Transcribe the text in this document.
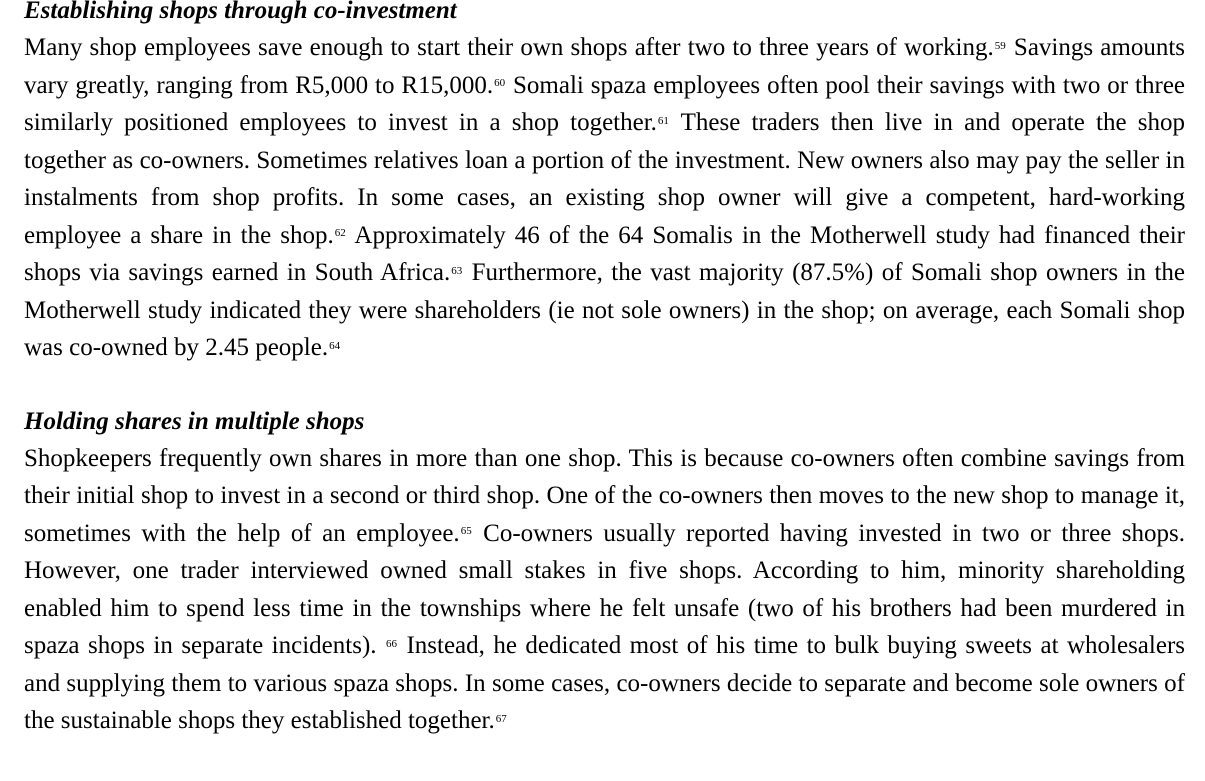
Establishing shops through co-investment

Many shop employees save enough to start their own shops after two to three years of working.$^{59}$ Savings amounts vary greatly, ranging from R5,000 to R15,000.60 Somali spaza employees often pool their savings with two or three similarly positioned employees to invest in a shop together.$^{61}$ These traders then live in and operate the shop together as co-owners. Sometimes relatives loan a portion of the investment. New owners also may pay the seller in instalments from shop profits. In some cases, an existing shop owner will give a competent, hard-working employee a share in the shop.$^{62}$ Approximately 46 of the 64 Somalis in the Motherwell study had financed their shops via savings earned in South Africa.$^{63}$ Furthermore, the vast majority (87.5%) of Somali shop owners in the Motherwell study indicated they were shareholders (ie not sole owners) in the shop; on average, each Somali shop was co-owned by 2.45 people.$^{64}$

Holding shares in multiple shops

Shopkeepers frequently own shares in more than one shop. This is because co-owners often combine savings from their initial shop to invest in a second or third shop. One of the co-owners then moves to the new shop to manage it, sometimes with the help of an employee.$^{65}$ Co-owners usually reported having invested in two or three shops. However, one trader interviewed owned small stakes in five shops. According to him, minority shareholding enabled him to spend less time in the townships where he felt unsafe (two of his brothers had been murdered in spaza shops in separate incidents). $^{66}$ Instead, he dedicated most of his time to bulk buying sweets at wholesalers and supplying them to various spaza shops. In some cases, co-owners decide to separate and become sole owners of the sustainable shops they established together.$^{67}$
